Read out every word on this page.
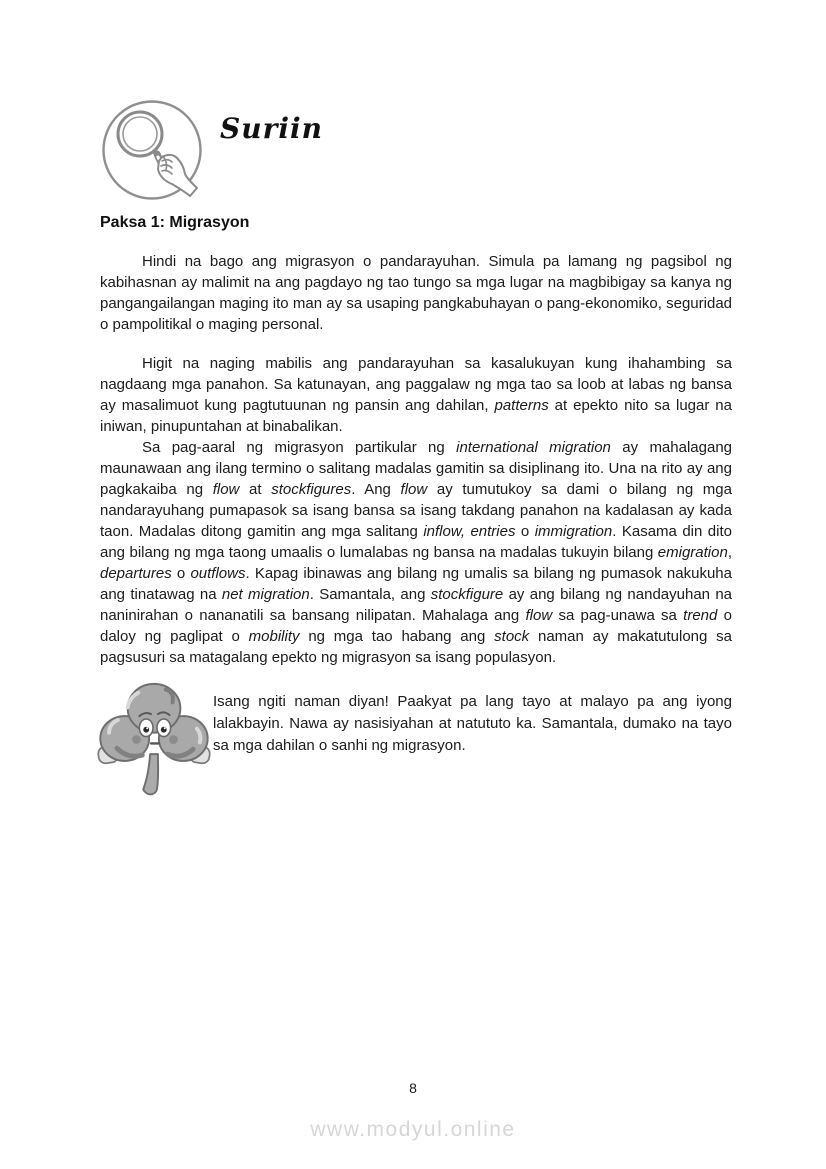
Suriin
Paksa 1: Migrasyon

Hindi na bago ang migrasyon o pandarayuhan. Simula pa lamang ng pagsibol ng kabihasnan ay malimit na ang pagdayo ng tao tungo sa mga lugar na magbibigay sa kanya ng pangangailangan maging ito man ay sa usaping pangkabuhayan o pang-ekonomiko, seguridad o pampolitikal o maging personal.

Higit na naging mabilis ang pandarayuhan sa kasalukuyan kung ihahambing sa nagdaang mga panahon. Sa katunayan, ang paggalaw ng mga tao sa loob at labas ng bansa ay masalimuot kung pagtutuunan ng pansin ang dahilan, patterns at epekto nito sa lugar na iniwan, pinupuntahan at binabalikan.

Sa pag-aaral ng migrasyon partikular ng international migration ay mahalagang maunawaan ang ilang termino o salitang madalas gamitin sa disiplinang ito. Una na rito ay ang pagkakaiba ng flow at stockfigures. Ang flow ay tumutukoy sa dami o bilang ng mga nandarayuhang pumapasok sa isang bansa sa isang takdang panahon na kadalasan ay kada taon. Madalas ditong gamitin ang mga salitang inflow, entries o immigration. Kasama din dito ang bilang ng mga taong umaalis o lumalabas ng bansa na madalas tukuyin bilang emigration, departures o outflows. Kapag ibinawas ang bilang ng umalis sa bilang ng pumasok nakukuha ang tinatawag na net migration. Samantala, ang stockfigure ay ang bilang ng nandayuhan na naninirahan o nananatili sa bansang nilipatan. Mahalaga ang flow sa pag-unawa sa trend o daloy ng paglipat o mobility ng mga tao habang ang stock naman ay makatutulong sa pagsusuri sa matagalang epekto ng migrasyon sa isang populasyon.

Isang ngiti naman diyan! Paakyat pa lang tayo at malayo pa ang iyong lalakbayin. Nawa ay nasisiyahan at natututo ka. Samantala, dumako na tayo sa mga dahilan o sanhi ng migrasyon.
8
www.modyul.online
